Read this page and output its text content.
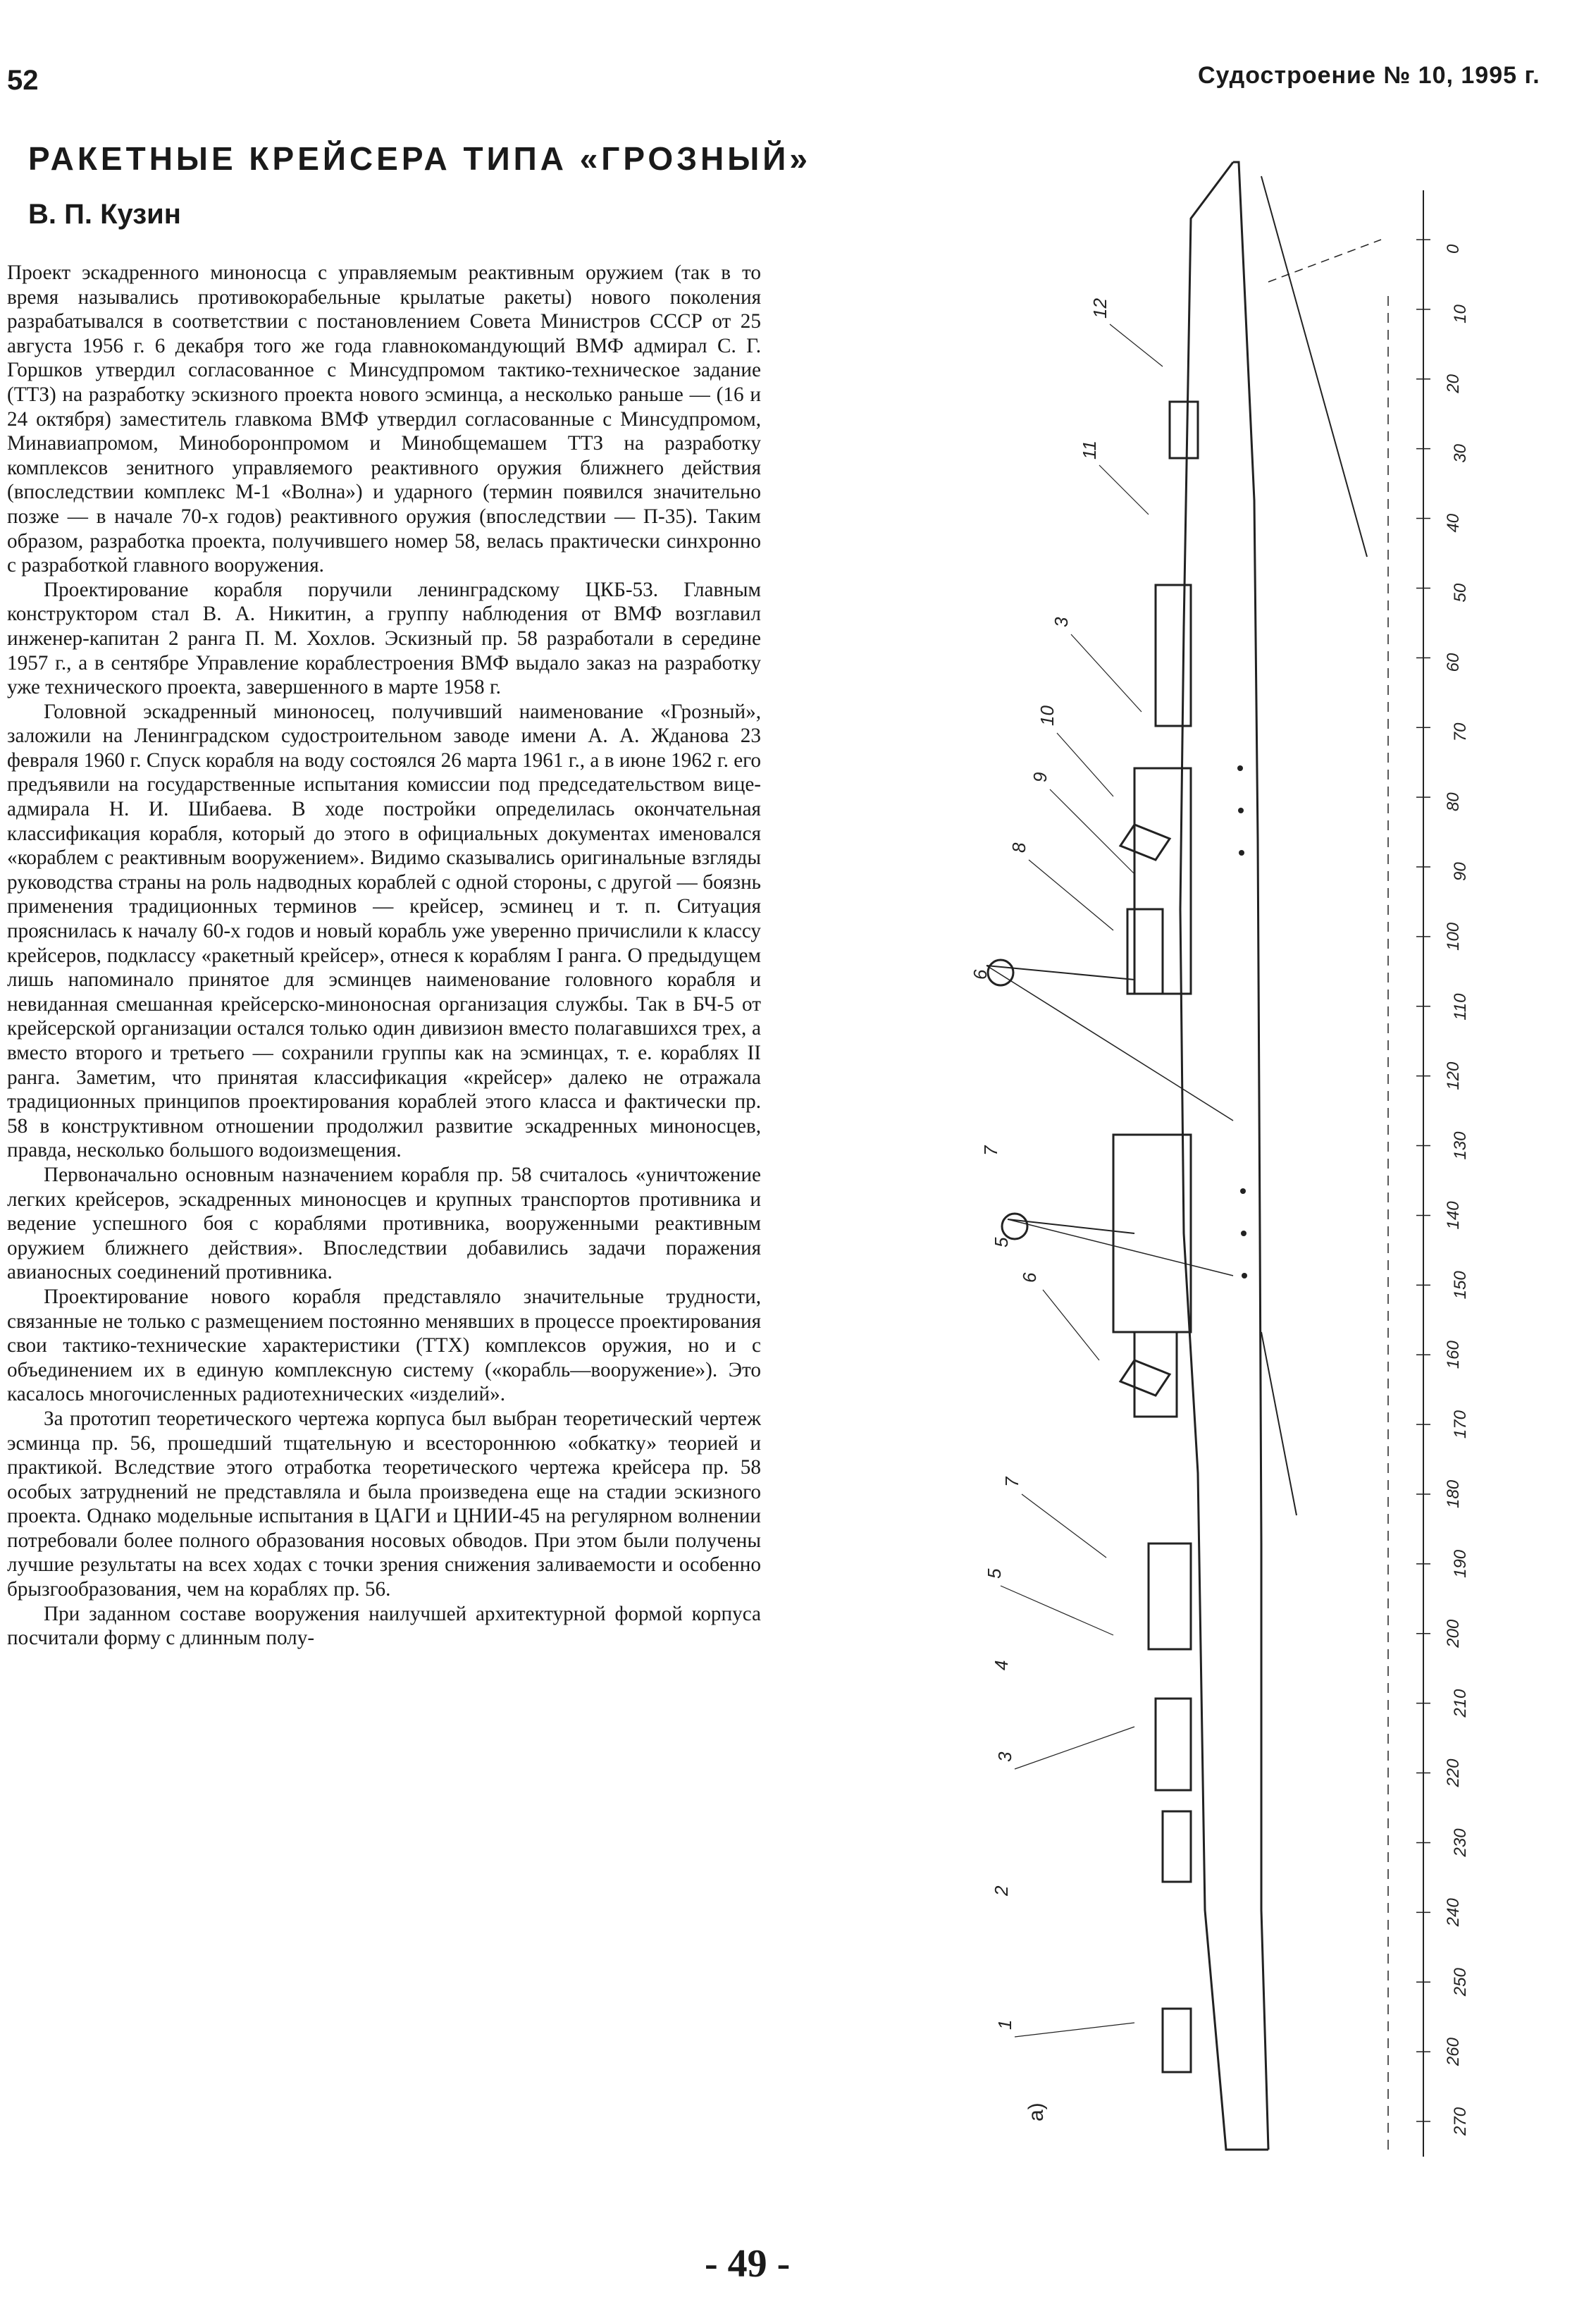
52	Судостроение № 10, 1995 г.
РАКЕТНЫЕ КРЕЙСЕРА ТИПА «ГРОЗНЫЙ»
В. П. Кузин

Проект эскадренного миноносца с управляемым реактивным оружием (так в то время назывались противокорабельные крылатые ракеты) нового поколения разрабатывался в соответствии с постановлением Совета Министров СССР от 25 августа 1956 г. 6 декабря того же года главнокомандующий ВМФ адмирал С. Г. Горшков утвердил согласованное с Минсудпромом тактико-техническое задание (ТТЗ) на разработку эскизного проекта нового эсминца, а несколько раньше — (16 и 24 октября) заместитель главкома ВМФ утвердил согласованные с Минсудпромом, Минавиапромом, Минобоpонпромом и Минобщемашем ТТЗ на разработку комплексов зенитного управляемого реактивного оружия ближнего действия (впоследствии комплекс М-1 «Волна») и ударного (термин появился значительно позже — в начале 70-х годов) реактивного оружия (впоследствии — П-35). Таким образом, разработка проекта, получившего номер 58, велась практически синхронно с разработкой главного вооружения.

Проектирование корабля поручили ленинградскому ЦКБ-53. Главным конструктором стал В. А. Никитин, а группу наблюдения от ВМФ возглавил инженер-капитан 2 ранга П. М. Хохлов. Эскизный пр. 58 разработали в середине 1957 г., а в сентябре Управление кораблестроения ВМФ выдало заказ на разработку уже технического проекта, завершенного в марте 1958 г.

Головной эскадренный миноносец, получивший наименование «Грозный», заложили на Ленинградском судостроительном заводе имени А. А. Жданова 23 февраля 1960 г. Спуск корабля на воду состоялся 26 марта 1961 г., а в июне 1962 г. его предъявили на государственные испытания комиссии под председательством вице-адмирала Н. И. Шибаева. В ходе постройки определилась окончательная классификация корабля, который до этого в официальных документах именовался «кораблем с реактивным вооружением». Видимо сказывались оригинальные взгляды руководства страны на роль надводных кораблей с одной стороны, с другой — боязнь применения традиционных терминов — крейсер, эсминец и т. п. Ситуация прояснилась к началу 60-х годов и новый корабль уже уверенно причислили к классу крейсеров, подклассу «ракетный крейсер», отнеся к кораблям I ранга. О предыдущем лишь напоминало принятое для эсминцев наименование головного корабля и невиданная смешанная крейсерско-миноносная организация службы. Так в БЧ-5 от крейсерской организации остался только один дивизион вместо полагавшихся трех, а вместо второго и третьего — сохранили группы как на эсминцах, т. е. кораблях II ранга. Заметим, что принятая классификация «крейсер» далеко не отражала традиционных принципов проектирования кораблей этого класса и фактически пр. 58 в конструктивном отношении продолжил развитие эскадренных миноносцев, правда, несколько большого водоизмещения.

Первоначально основным назначением корабля пр. 58 считалось «уничтожение легких крейсеров, эскадренных миноносцев и крупных транспортов противника и ведение успешного боя с кораблями противника, вооруженными реактивным оружием ближнего действия». Впоследствии добавились задачи поражения авианосных соединений противника.

Проектирование нового корабля представляло значительные трудности, связанные не только с размещением постоянно менявших в процессе проектирования свои тактико-технические характеристики (ТТХ) комплексов оружия, но и с объединением их в единую комплексную систему («корабль—вооружение»). Это касалось многочисленных радиотехнических «изделий».

За прототип теоретического чертежа корпуса был выбран теоретический чертеж эсминца пр. 56, прошедший тщательную и всестороннюю «обкатку» теорией и практикой. Вследствие этого отработка теоретического чертежа крейсера пр. 58 особых затруднений не представляла и была произведена еще на стадии эскизного проекта. Однако модельные испытания в ЦАГИ и ЦНИИ-45 на регулярном волнении потребовали более полного образования носовых обводов. При этом были получены лучшие результаты на всех ходах с точки зрения снижения заливаемости и особенно брызгообразования, чем на кораблях пр. 56.

При заданном составе вооружения наилучшей архитектурной формой корпуса посчитали форму с длинным полу-

0
10
20
30
40
50
60
70
80
90
100
110
120
130
140
150
160
170
180
190
200
210
220
230
240
250
260
270
12
11
3
10
9
8
7
5
6
6
7
5
4
3
2
1
а)
- 49 -
